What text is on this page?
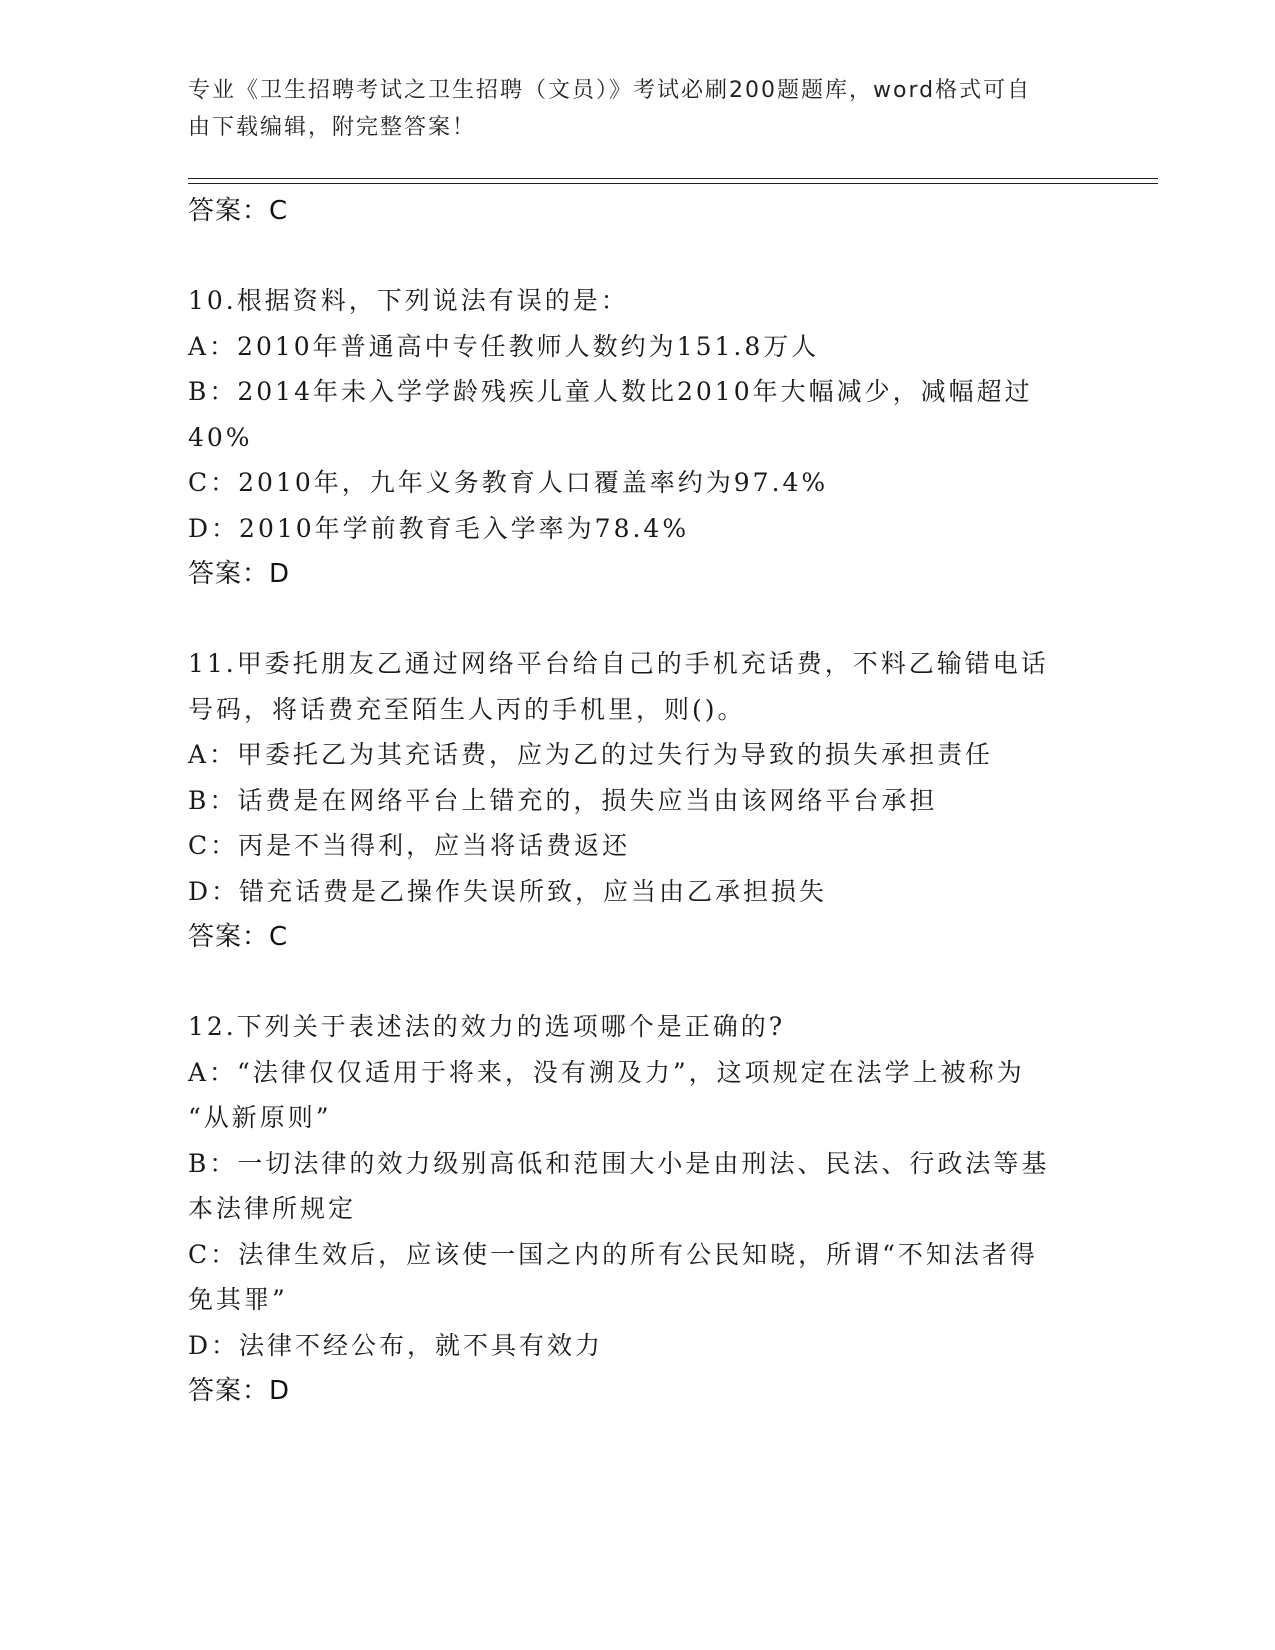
专业《卫生招聘考试之卫生招聘（文员）》考试必刷200题题库，word格式可自
由下载编辑，附完整答案！
答案：C
10.根据资料，下列说法有误的是：
A：2010年普通高中专任教师人数约为151.8万人
B：2014年未入学学龄残疾儿童人数比2010年大幅减少，减幅超过
40%
C：2010年，九年义务教育人口覆盖率约为97.4%
D：2010年学前教育毛入学率为78.4%
答案：D
11.甲委托朋友乙通过网络平台给自己的手机充话费，不料乙输错电话
号码，将话费充至陌生人丙的手机里，则()。
A：甲委托乙为其充话费，应为乙的过失行为导致的损失承担责任
B：话费是在网络平台上错充的，损失应当由该网络平台承担
C：丙是不当得利，应当将话费返还
D：错充话费是乙操作失误所致，应当由乙承担损失
答案：C
12.下列关于表述法的效力的选项哪个是正确的?
A：“法律仅仅适用于将来，没有溯及力”，这项规定在法学上被称为
“从新原则”
B：一切法律的效力级别高低和范围大小是由刑法、民法、行政法等基
本法律所规定
C：法律生效后，应该使一国之内的所有公民知晓，所谓“不知法者得
免其罪”
D：法律不经公布，就不具有效力
答案：D
